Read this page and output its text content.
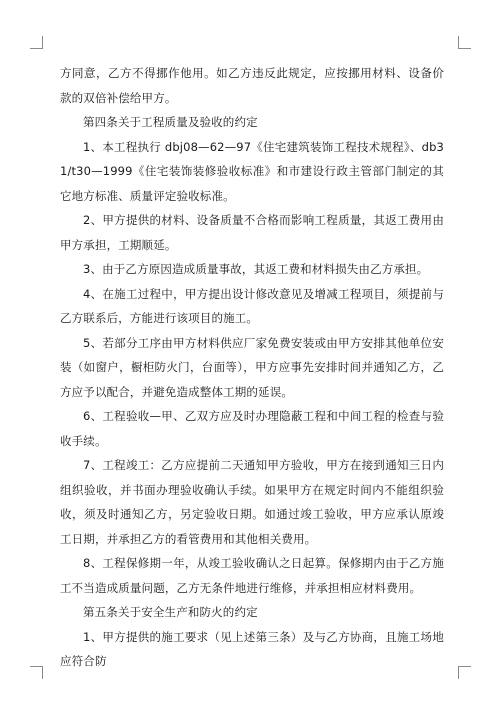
方同意，乙方不得挪作他用。如乙方违反此规定，应按挪用材料、设备价款的双倍补偿给甲方。

第四条关于工程质量及验收的约定

1、本工程执行 dbj08—62—97《住宅建筑装饰工程技术规程》、db31/t30—1999《住宅装饰装修验收标准》和市建设行政主管部门制定的其它地方标准、质量评定验收标准。

2、甲方提供的材料、设备质量不合格而影响工程质量，其返工费用由甲方承担，工期顺延。

3、由于乙方原因造成质量事故，其返工费和材料损失由乙方承担。

4、在施工过程中，甲方提出设计修改意见及增减工程项目，须提前与乙方联系后，方能进行该项目的施工。

5、若部分工序由甲方材料供应厂家免费安装或由甲方安排其他单位安装（如窗户，橱柜防火门，台面等），甲方应事先安排时间并通知乙方，乙方应予以配合，并避免造成整体工期的延误。

6、工程验收—甲、乙双方应及时办理隐蔽工程和中间工程的检查与验收手续。

7、工程竣工：乙方应提前二天通知甲方验收，甲方在接到通知三日内组织验收，并书面办理验收确认手续。如果甲方在规定时间内不能组织验收，须及时通知乙方，另定验收日期。如通过竣工验收，甲方应承认原竣工日期，并承担乙方的看管费用和其他相关费用。

8、工程保修期一年，从竣工验收确认之日起算。保修期内由于乙方施工不当造成质量问题，乙方无条件地进行维修，并承担相应材料费用。

第五条关于安全生产和防火的约定

1、甲方提供的施工要求（见上述第三条）及与乙方协商，且施工场地应符合防
